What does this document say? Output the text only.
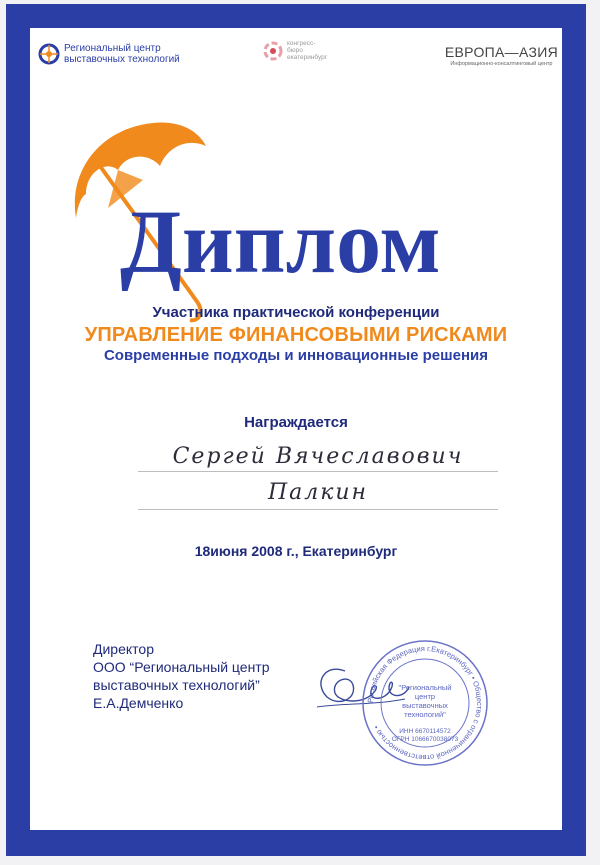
Региональный центр
выставочных технологий
конгресс-
бюро
екатеринбург	ЕВРОПА—АЗИЯ
Информационно-консалтинговый центр
Диплом
Участника практической конференции
УПРАВЛЕНИЕ ФИНАНСОВЫМИ РИСКАМИ
Современные подходы и инновационные решения
Награждается
Сергей Вячеславович
Палкин
18июня 2008 г., Екатеринбург
Директор
ООО “Региональный центр
выставочных технологий”
Е.А.Демченко	Российская Федерация г.Екатеринбург • Общество с ограниченной ответственностью •
"Региональный
центр
выставочных
технологий"
ИНН 6670114572
ОГРН 1066670038073
